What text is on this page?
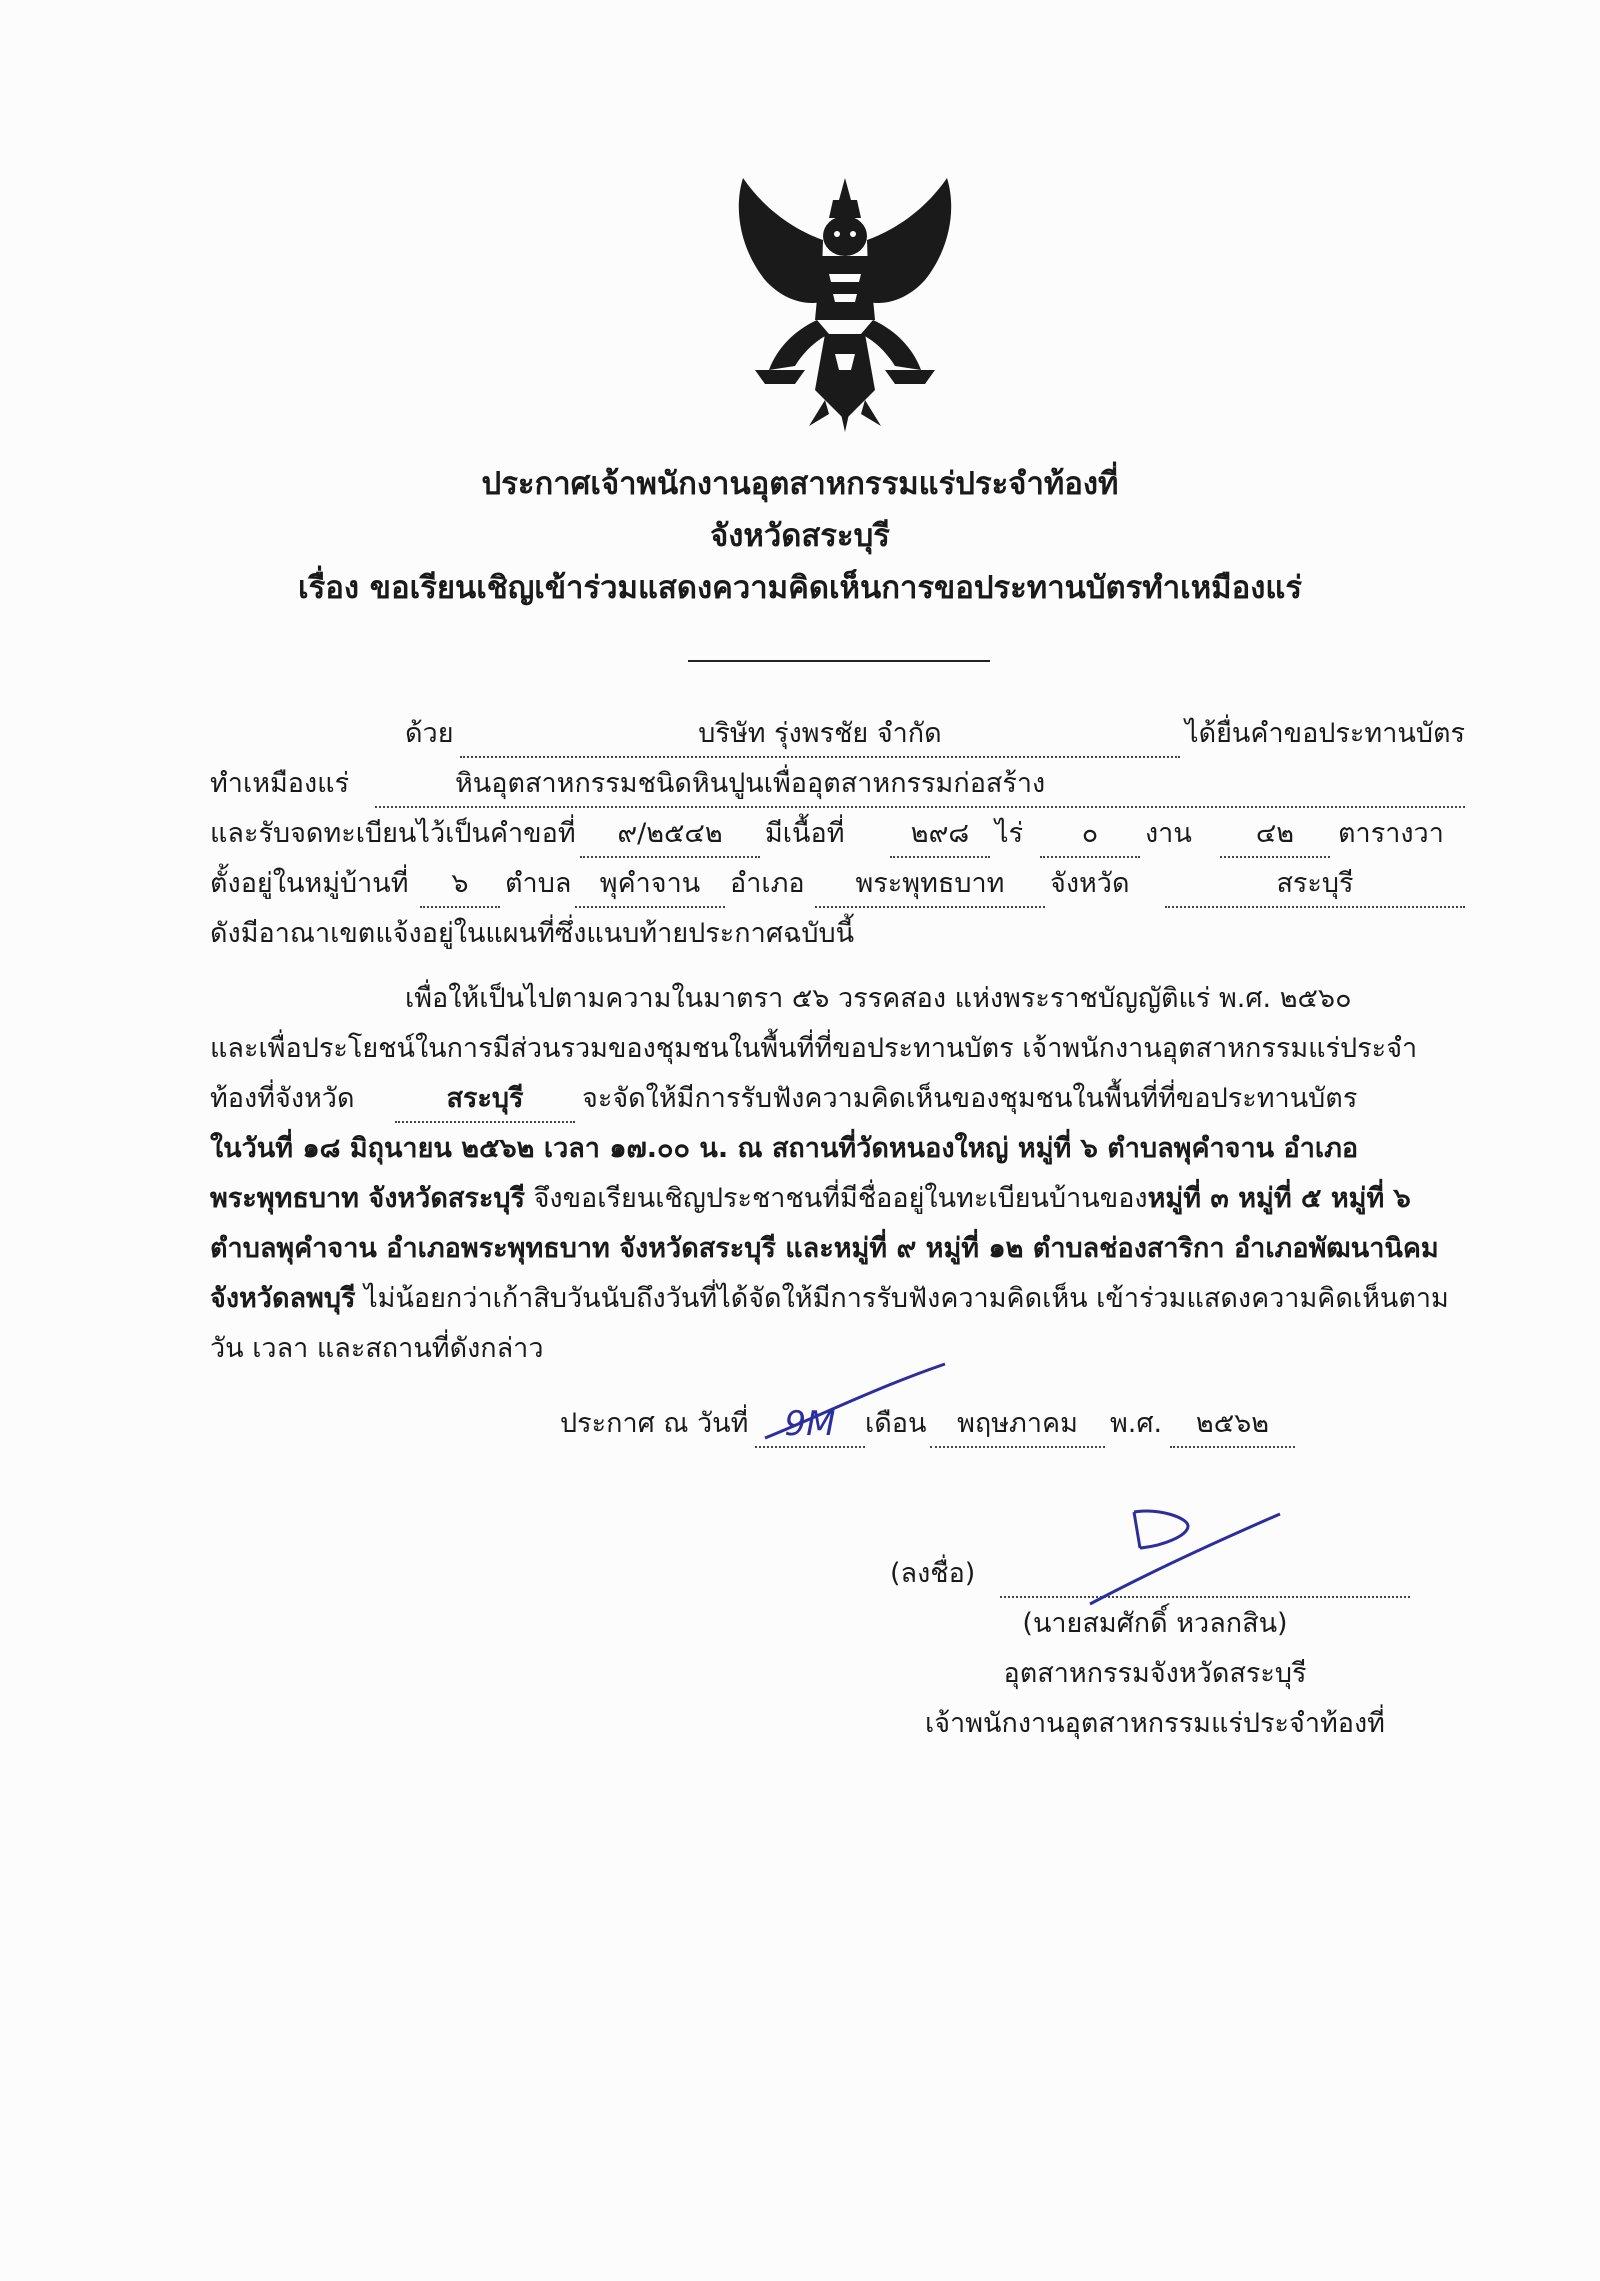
ประกาศเจ้าพนักงานอุตสาหกรรมแร่ประจำท้องที่
จังหวัดสระบุรี
เรื่อง ขอเรียนเชิญเข้าร่วมแสดงความคิดเห็นการขอประทานบัตรทำเหมืองแร่
ด้วย	บริษัท รุ่งพรชัย จำกัด	ได้ยื่นคำขอประทานบัตร
ทำเหมืองแร่	หินอุตสาหกรรมชนิดหินปูนเพื่ออุตสาหกรรมก่อสร้าง
และรับจดทะเบียนไว้เป็นคำขอที่	๙/๒๕๔๒	มีเนื้อที่	๒๙๘ ไร่	๐	งาน	๔๒	ตารางวา
ตั้งอยู่ในหมู่บ้านที่	๖	ตำบล	พุคำจาน	อำเภอ	พระพุทธบาท	จังหวัด	สระบุรี
ดังมีอาณาเขตแจ้งอยู่ในแผนที่ซึ่งแนบท้ายประกาศฉบับนี้
เพื่อให้เป็นไปตามความในมาตรา ๕๖ วรรคสอง แห่งพระราชบัญญัติแร่ พ.ศ. ๒๕๖๐
และเพื่อประโยชน์ในการมีส่วนรวมของชุมชนในพื้นที่ที่ขอประทานบัตร เจ้าพนักงานอุตสาหกรรมแร่ประจำ
ท้องที่จังหวัด	สระบุรี	จะจัดให้มีการรับฟังความคิดเห็นของชุมชนในพื้นที่ที่ขอประทานบัตร
ในวันที่ ๑๘ มิถุนายน ๒๕๖๒ เวลา ๑๗.๐๐ น. ณ สถานที่วัดหนองใหญ่ หมู่ที่ ๖ ตำบลพุคำจาน อำเภอ
พระพุทธบาท จังหวัดสระบุรี จึงขอเรียนเชิญประชาชนที่มีชื่ออยู่ในทะเบียนบ้านของหมู่ที่ ๓ หมู่ที่ ๕ หมู่ที่ ๖
ตำบลพุคำจาน อำเภอพระพุทธบาท จังหวัดสระบุรี และหมู่ที่ ๙ หมู่ที่ ๑๒ ตำบลช่องสาริกา อำเภอพัฒนานิคม
จังหวัดลพบุรี ไม่น้อยกว่าเก้าสิบวันนับถึงวันที่ได้จัดให้มีการรับฟังความคิดเห็น เข้าร่วมแสดงความคิดเห็นตาม
วัน เวลา และสถานที่ดังกล่าว
ประกาศ ณ วันที่	9M	เดือน	พฤษภาคม	พ.ศ.	๒๕๖๒
(ลงชื่อ)
(นายสมศักดิ์ หวลกสิน)
อุตสาหกรรมจังหวัดสระบุรี
เจ้าพนักงานอุตสาหกรรมแร่ประจำท้องที่
